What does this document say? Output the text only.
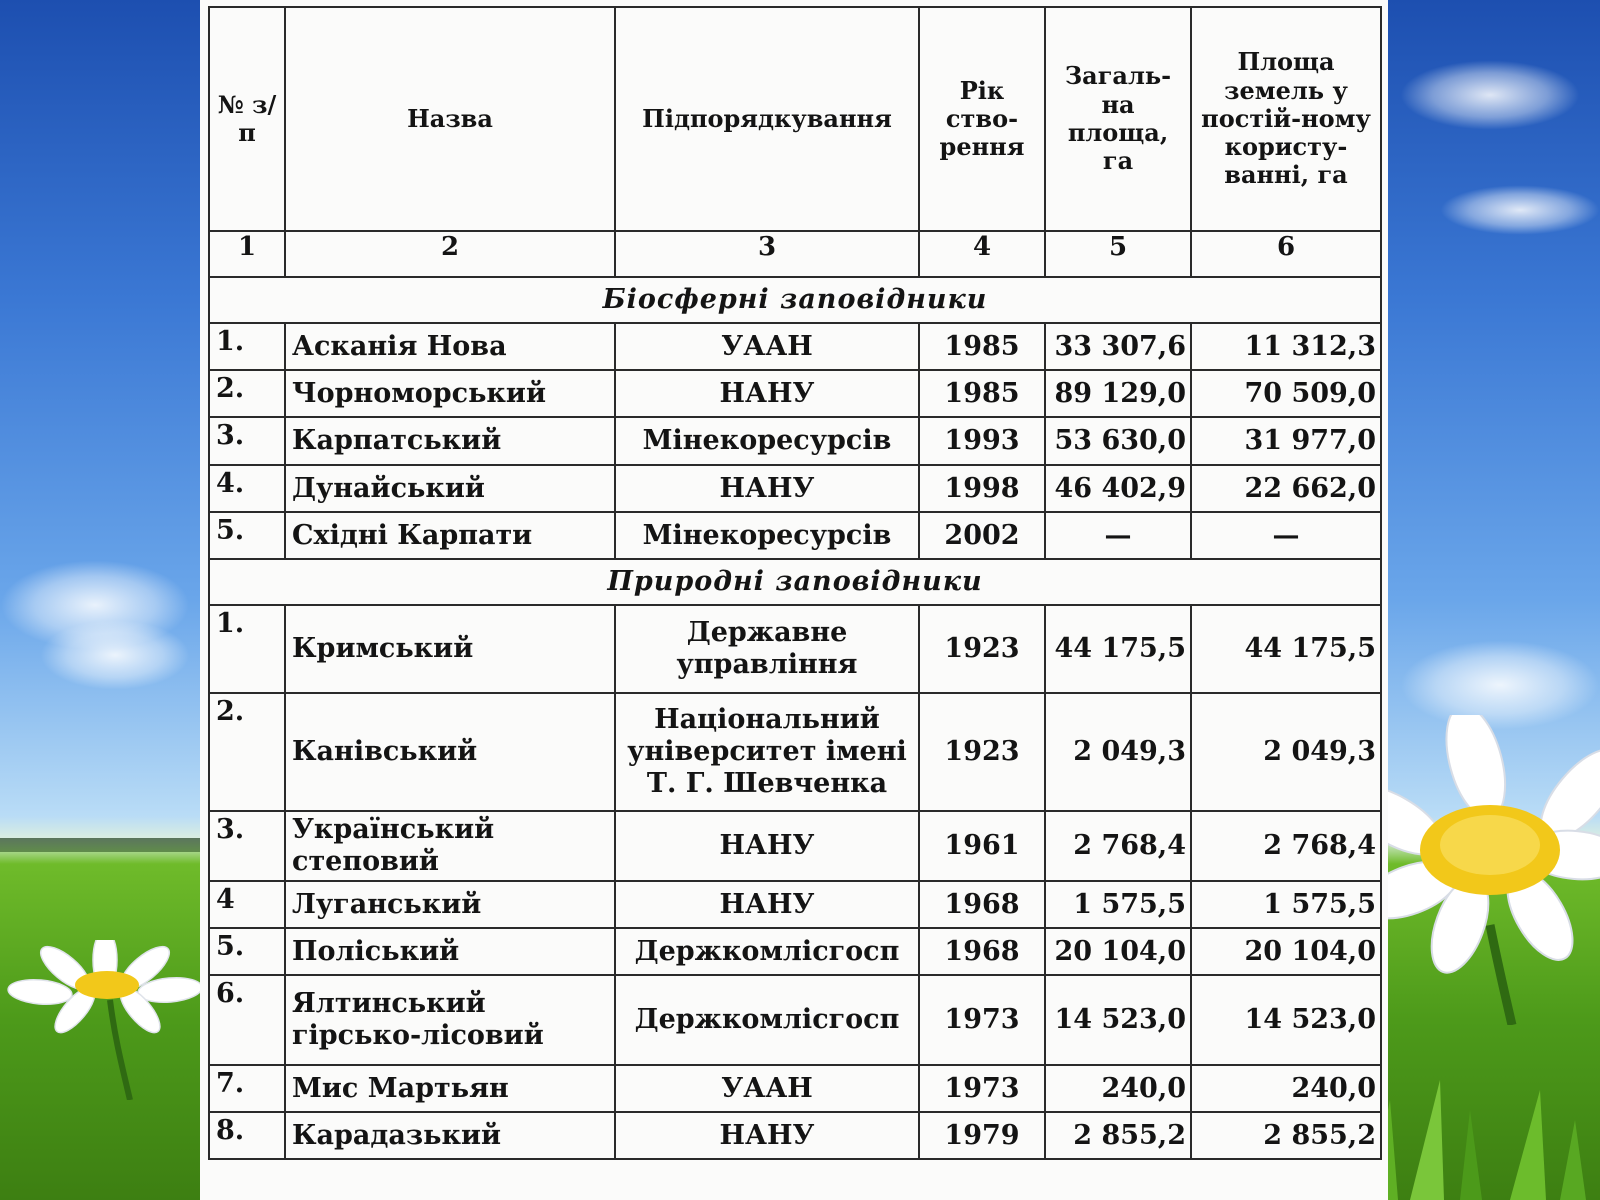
№ з/п	Назва	Підпорядкування	Рік ство-рення	Загаль-на площа, га	Площа земель у постій-ному користу-ванні, га
1	2	3	4	5	6
Біосферні заповідники					
1.	Асканія Нова	УААН	1985	33 307,6	11 312,3
2.	Чорноморський	НАНУ	1985	89 129,0	70 509,0
3.	Карпатський	Мінекоресурсів	1993	53 630,0	31 977,0
4.	Дунайський	НАНУ	1998	46 402,9	22 662,0
5.	Східні Карпати	Мінекоресурсів	2002	—	—
Природні заповідники					
1.	Кримський	Державне управління	1923	44 175,5	44 175,5
2.	Канівський	Національний університет імені Т. Г. Шевченка	1923	2 049,3	2 049,3
3.	Український степовий	НАНУ	1961	2 768,4	2 768,4
4	Луганський	НАНУ	1968	1 575,5	1 575,5
5.	Поліський	Держкомлісгосп	1968	20 104,0	20 104,0
6.	Ялтинський гірсько-лісовий	Держкомлісгосп	1973	14 523,0	14 523,0
7.	Мис Мартьян	УААН	1973	240,0	240,0
8.	Карадазький	НАНУ	1979	2 855,2	2 855,2
